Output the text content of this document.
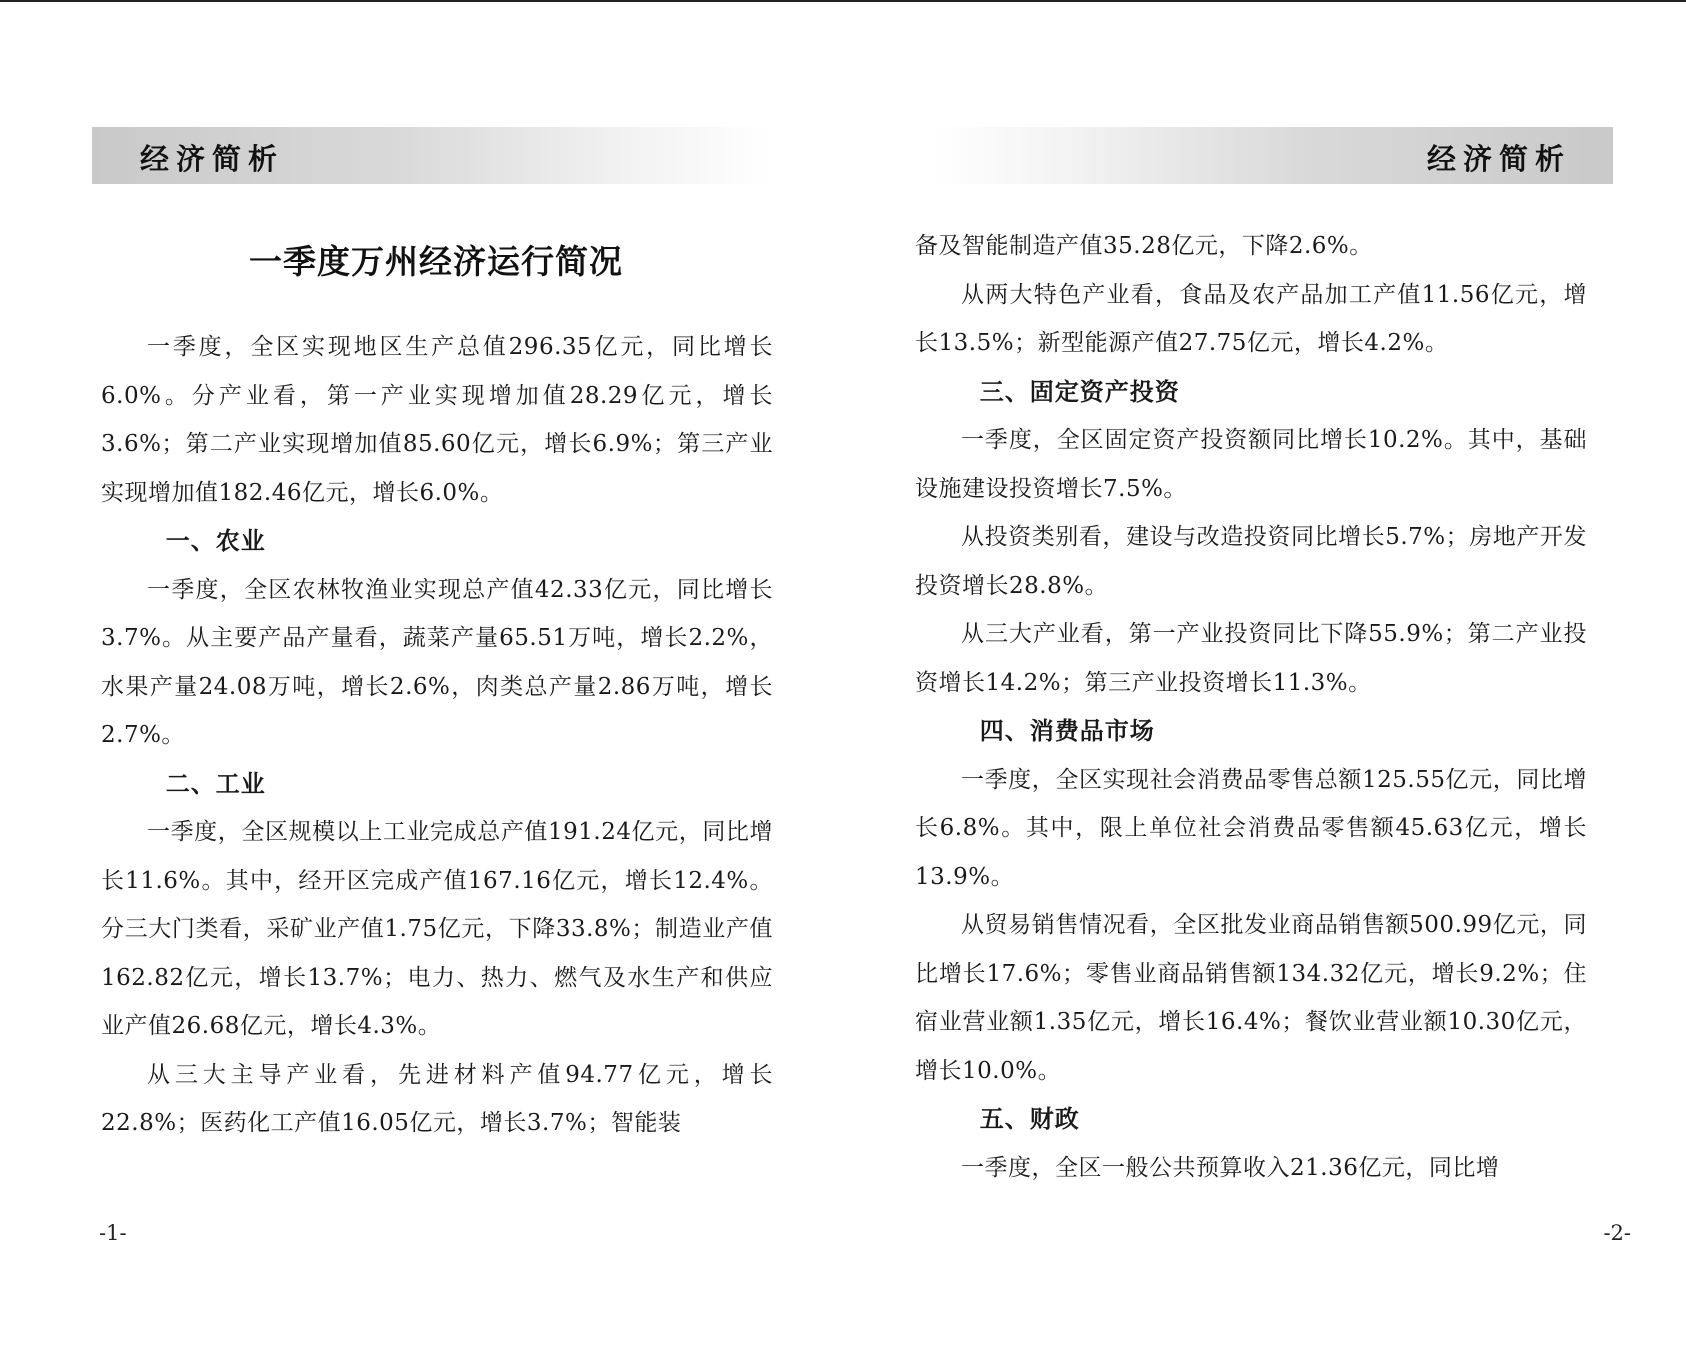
经济简析
一季度万州经济运行简况

一季度，全区实现地区生产总值296.35亿元，同比增长6.0%。分产业看，第一产业实现增加值28.29亿元，增长3.6%；第二产业实现增加值85.60亿元，增长6.9%；第三产业实现增加值182.46亿元，增长6.0%。

一、农业

一季度，全区农林牧渔业实现总产值42.33亿元，同比增长3.7%。从主要产品产量看，蔬菜产量65.51万吨，增长2.2%，水果产量24.08万吨，增长2.6%，肉类总产量2.86万吨，增长2.7%。

二、工业

一季度，全区规模以上工业完成总产值191.24亿元，同比增长11.6%。其中，经开区完成产值167.16亿元，增长12.4%。分三大门类看，采矿业产值1.75亿元，下降33.8%；制造业产值162.82亿元，增长13.7%；电力、热力、燃气及水生产和供应业产值26.68亿元，增长4.3%。

从三大主导产业看，先进材料产值94.77亿元，增长22.8%；医药化工产值16.05亿元，增长3.7%；智能装

-1-
经济简析

备及智能制造产值35.28亿元，下降2.6%。

从两大特色产业看，食品及农产品加工产值11.56亿元，增长13.5%；新型能源产值27.75亿元，增长4.2%。

三、固定资产投资

一季度，全区固定资产投资额同比增长10.2%。其中，基础设施建设投资增长7.5%。

从投资类别看，建设与改造投资同比增长5.7%；房地产开发投资增长28.8%。

从三大产业看，第一产业投资同比下降55.9%；第二产业投资增长14.2%；第三产业投资增长11.3%。

四、消费品市场

一季度，全区实现社会消费品零售总额125.55亿元，同比增长6.8%。其中，限上单位社会消费品零售额45.63亿元，增长13.9%。

从贸易销售情况看，全区批发业商品销售额500.99亿元，同比增长17.6%；零售业商品销售额134.32亿元，增长9.2%；住宿业营业额1.35亿元，增长16.4%；餐饮业营业额10.30亿元，增长10.0%。

五、财政

一季度，全区一般公共预算收入21.36亿元，同比增

-2-
